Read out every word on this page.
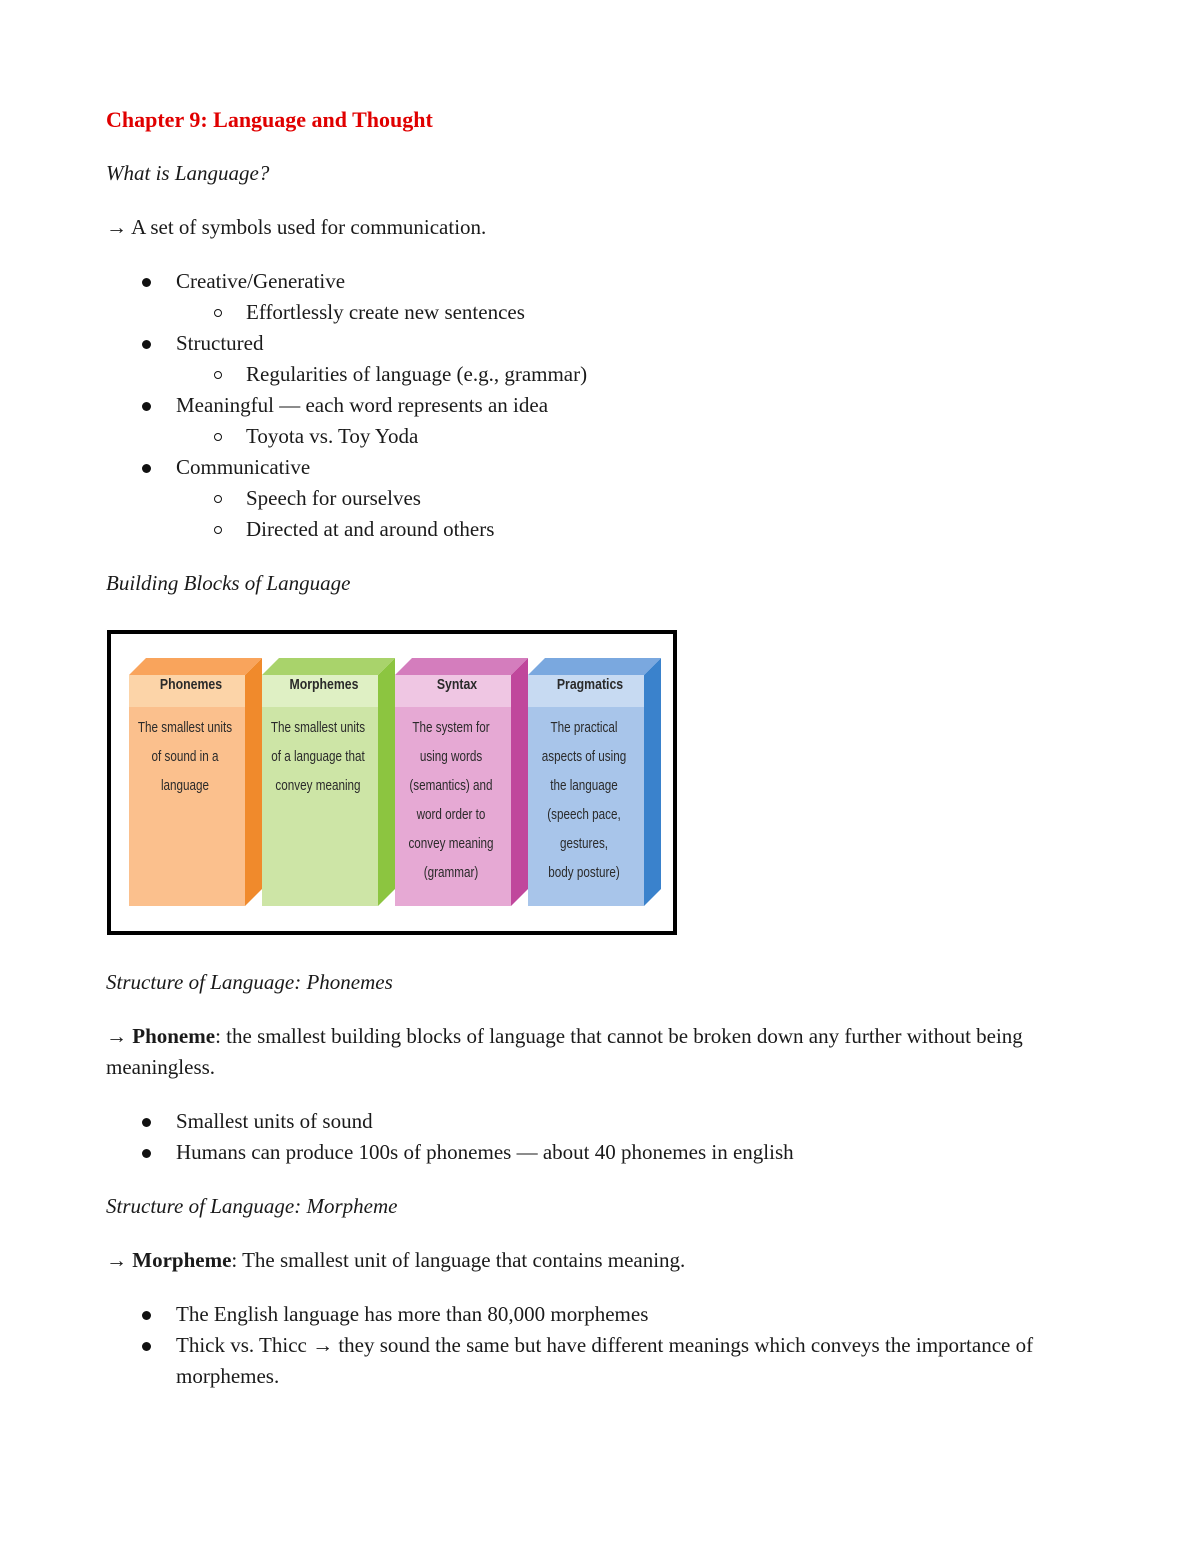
Chapter 9: Language and Thought

What is Language?

→ A set of symbols used for communication.

Creative/Generative
Effortlessly create new sentences
Structured
Regularities of language (e.g., grammar)
Meaningful — each word represents an idea
Toyota vs. Toy Yoda
Communicative
Speech for ourselves
Directed at and around others

Building Blocks of Language

Phonemes
The smallest units
of sound in a
language
Morphemes
The smallest units
of a language that
convey meaning
Syntax
The system for
using words
(semantics) and
word order to
convey meaning
(grammar)
Pragmatics
The practical
aspects of using
the language
(speech pace,
gestures,
body posture)

Structure of Language: Phonemes

→ Phoneme: the smallest building blocks of language that cannot be broken down any further without being meaningless.

Smallest units of sound
Humans can produce 100s of phonemes — about 40 phonemes in english

Structure of Language: Morpheme

→ Morpheme: The smallest unit of language that contains meaning.

The English language has more than 80,000 morphemes
Thick vs. Thicc → they sound the same but have different meanings which conveys the importance of morphemes.
